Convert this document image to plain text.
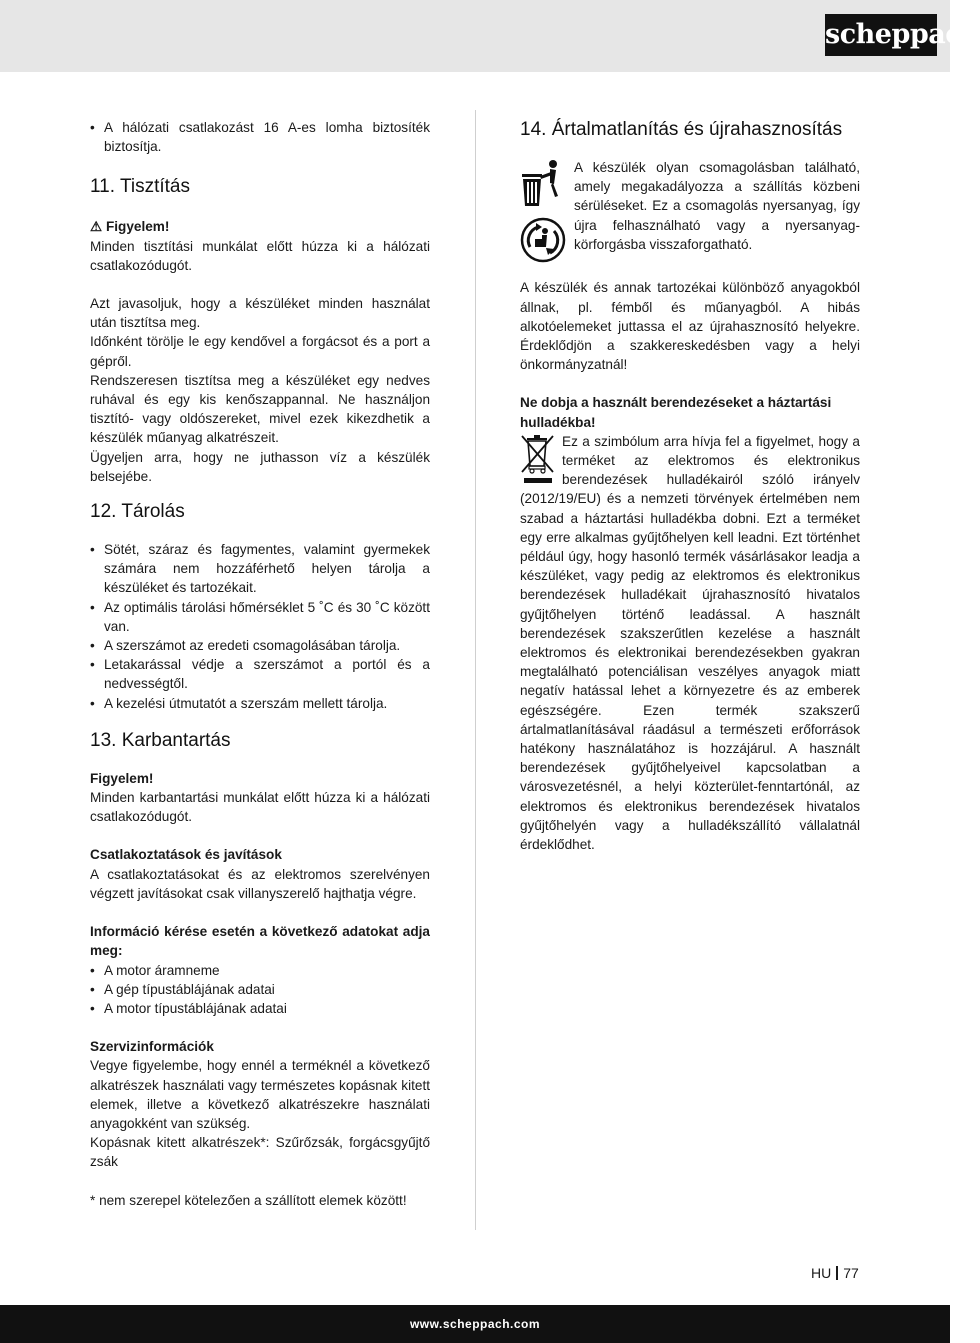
scheppach
• A hálózati csatlakozást 16 A-es lomha biztosíték biztosítja.
11. Tisztítás

⚠ Figyelem!

Minden tisztítási munkálat előtt húzza ki a hálózati csatlakozódugót.

Azt javasoljuk, hogy a készüléket minden használat után tisztítsa meg.

Időnként törölje le egy kendővel a forgácsot és a port a gépről.

Rendszeresen tisztítsa meg a készüléket egy nedves ruhával és egy kis kenőszappannal. Ne használjon tisztító- vagy oldószereket, mivel ezek kikezdhetik a készülék műanyag alkatrészeit.

Ügyeljen arra, hogy ne juthasson víz a készülék belsejébe.

12. Tárolás
• Sötét, száraz és fagymentes, valamint gyermekek számára nem hozzáférhető helyen tárolja a készüléket és tartozékait.
• Az optimális tárolási hőmérséklet 5 ˚C és 30 ˚C között van.
• A szerszámot az eredeti csomagolásában tárolja.
• Letakarással védje a szerszámot a portól és a nedvességtől.
• A kezelési útmutatót a szerszám mellett tárolja.
13. Karbantartás

Figyelem!

Minden karbantartási munkálat előtt húzza ki a hálózati csatlakozódugót.

Csatlakoztatások és javítások

A csatlakoztatásokat és az elektromos szerelvényen végzett javításokat csak villanyszerelő hajthatja végre.

Információ kérése esetén a következő adatokat adja meg:

• A motor áramneme
• A gép típustáblájának adatai
• A motor típustáblájának adatai

Szervizinformációk

Vegye figyelembe, hogy ennél a terméknél a következő alkatrészek használati vagy természetes kopásnak kitett elemek, illetve a következő alkatrészekre használati anyagokként van szükség.

Kopásnak kitett alkatrészek*: Szűrőzsák, forgácsgyűjtő zsák

* nem szerepel kötelezően a szállított elemek között!

14. Ártalmatlanítás és újrahasznosítás

A készülék olyan csomagolásban található, amely megakadályozza a szállítás közbeni sérüléseket. Ez a csomagolás nyersanyag, így újra felhasználható vagy a nyersanyag-körforgásba visszaforgatható.

A készülék és annak tartozékai különböző anyagokból állnak, pl. fémből és műanyagból. A hibás alkotóelemeket juttassa el az újrahasznosító helyekre. Érdeklődjön a szakkereskedésben vagy a helyi önkormányzatnál!

Ne dobja a használt berendezéseket a háztartási hulladékba!

Ez a szimbólum arra hívja fel a figyelmet, hogy a terméket az elektromos és elektronikus berendezések hulladékairól szóló irányelv (2012/19/EU) és a nemzeti törvények értelmében nem szabad a háztartási hulladékba dobni. Ezt a terméket egy erre alkalmas gyűjtőhelyen kell leadni. Ezt történhet például úgy, hogy hasonló termék vásárlásakor leadja a készüléket, vagy pedig az elektromos és elektronikus berendezések hulladékait újrahasznosító hivatalos gyűjtőhelyen történő leadással. A használt berendezések szakszerűtlen kezelése a használt elektromos és elektronikai berendezésekben gyakran megtalálható potenciálisan veszélyes anyagok miatt negatív hatással lehet a környezetre és az emberek egészségére. Ezen termék szakszerű ártalmatlanításával ráadásul a természeti erőforrások hatékony használatához is hozzájárul. A használt berendezések gyűjtőhelyeivel kapcsolatban a városvezetésnél, a helyi közterület-fenntartónál, az elektromos és elektronikus berendezések hivatalos gyűjtőhelyén vagy a hulladékszállító vállalatnál érdeklődhet.

HU 77
www.scheppach.com
